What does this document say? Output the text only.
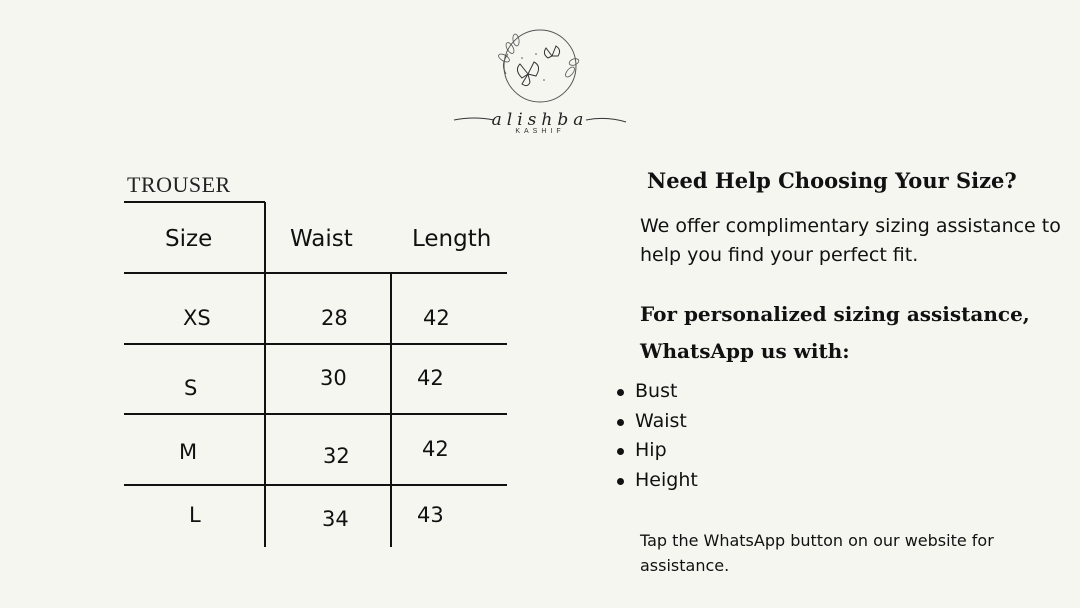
alishba
KASHIF
TROUSER
Size	Waist	Length
XS	28	42
S	30	42
M	32	42
L	34	43
Need Help Choosing Your Size?
We offer complimentary sizing assistance to help you find your perfect fit.
For personalized sizing assistance, WhatsApp us with:
Bust
Waist
Hip
Height
Tap the WhatsApp button on our website for assistance.
